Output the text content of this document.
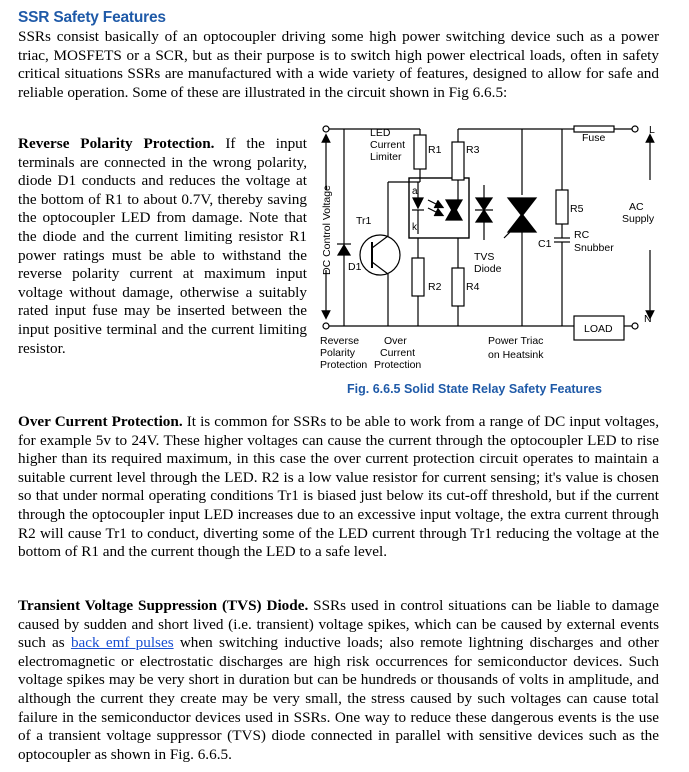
SSR Safety Features

SSRs consist basically of an optocoupler driving some high power switching device such as a power triac, MOSFETS or a SCR, but as their purpose is to switch high power electrical loads, often in safety critical situations SSRs are manufactured with a wide variety of features, designed to allow for safe and reliable operation. Some of these are illustrated in the circuit shown in Fig 6.6.5:

Reverse Polarity Protection. If the input terminals are connected in the wrong polarity, diode D1 conducts and reduces the voltage at the bottom of R1 to about 0.7V, thereby saving the optocoupler LED from damage. Note that the diode and the current limiting resistor R1 power ratings must be able to withstand the reverse polarity current at maximum input voltage without damage, otherwise a suitably rated input fuse may be inserted between the input positive terminal and the current limiting resistor.

LED
Current
Limiter
R1 R3
R2 R4
R5
Tr1
D1
a
k
TVS
Diode
C1
RC
Snubber
Fuse
L
N
AC
Supply
LOAD
Reverse
Polarity
Protection
Over
Current
Protection
Power Triac
on Heatsink
DC Control Voltage
Fig. 6.6.5 Solid State Relay Safety Features

Over Current Protection. It is common for SSRs to be able to work from a range of DC input voltages, for example 5v to 24V. These higher voltages can cause the current through the optocoupler LED to rise higher than its required maximum, in this case the over current protection circuit operates to maintain a suitable current level through the LED. R2 is a low value resistor for current sensing; it's value is chosen so that under normal operating conditions Tr1 is biased just below its cut-off threshold, but if the current through the optocoupler input LED increases due to an excessive input voltage, the extra current through R2 will cause Tr1 to conduct, diverting some of the LED current through Tr1 reducing the voltage at the bottom of R1 and the current though the LED to a safe level.

Transient Voltage Suppression (TVS) Diode. SSRs used in control situations can be liable to damage caused by sudden and short lived (i.e. transient) voltage spikes, which can be caused by external events such as back emf pulses when switching inductive loads; also remote lightning discharges and other electromagnetic or electrostatic discharges are high risk occurrences for semiconductor devices. Such voltage spikes may be very short in duration but can be hundreds or thousands of volts in amplitude, and although the current they create may be very small, the stress caused by such voltages can cause total failure in the semiconductor devices used in SSRs. One way to reduce these dangerous events is the use of a transient voltage suppressor (TVS) diode connected in parallel with sensitive devices such as the optocoupler as shown in Fig. 6.6.5.
